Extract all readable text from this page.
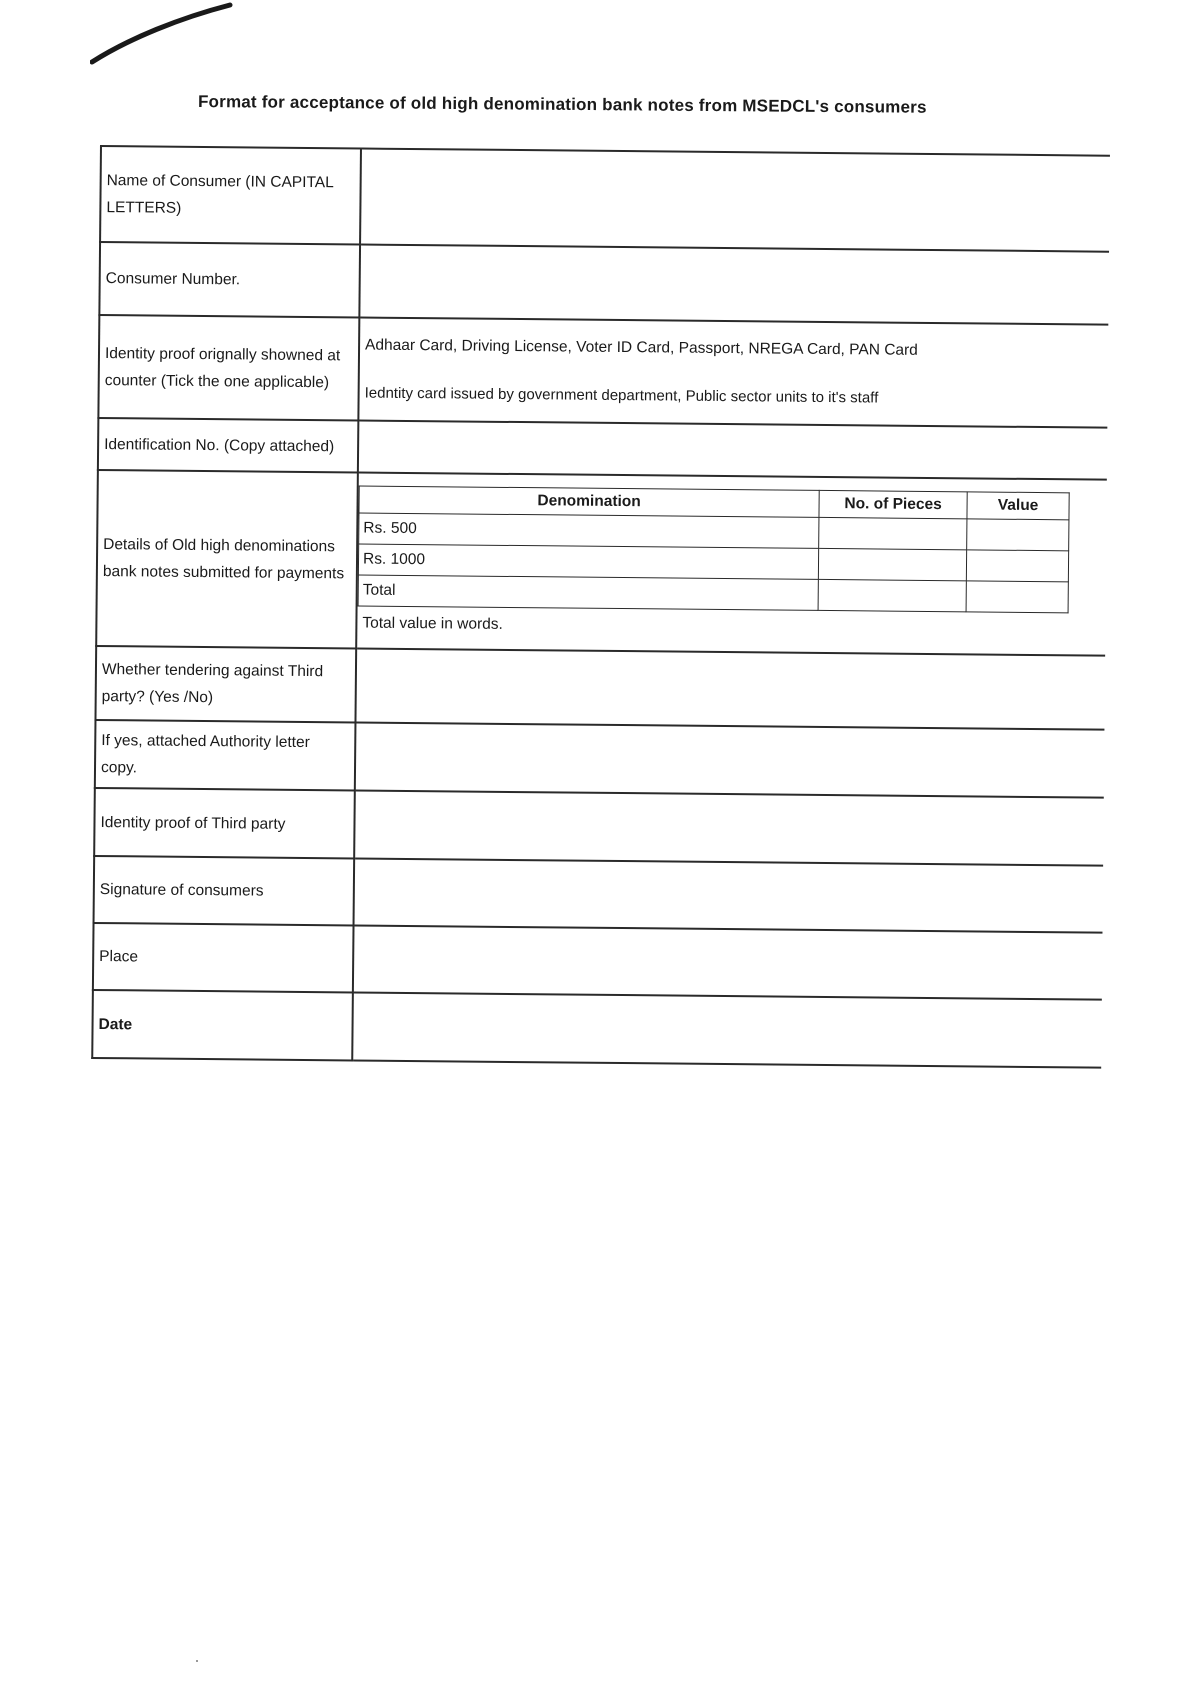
Format for acceptance of old high denomination bank notes from MSEDCL's consumers
Name of Consumer (IN CAPITAL LETTERS)	
Consumer Number.	
Identity proof orignally showned at counter (Tick the one applicable)	
Adhaar Card, Driving License, Voter ID Card, Passport, NREGA Card, PAN Card
Iedntity card issued by government department, Public sector units to it's staff

Identification No. (Copy attached)	
Details of Old high denominations bank notes submitted for payments	
Denomination	No. of Pieces	Value
Rs. 500		
Rs. 1000		
Total		
Total value in words.

Whether tendering against Third party? (Yes /No)	
If yes, attached Authority letter copy.	
Identity proof of Third party	
Signature of consumers	
Place	
Date	
